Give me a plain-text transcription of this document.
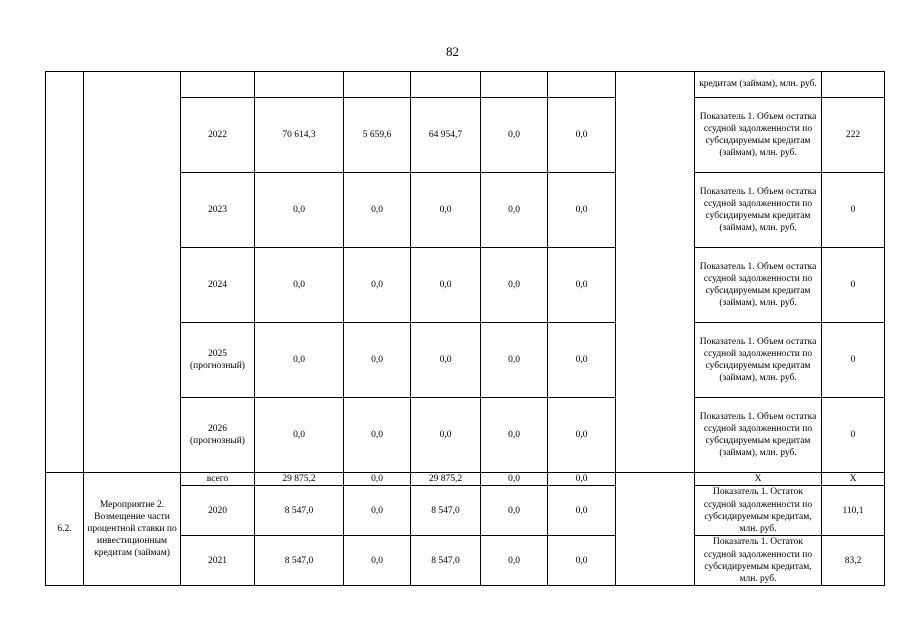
82
									кредитам (займам), млн. руб.	
		2022	70 614,3	5 659,6	64 954,7	0,0	0,0		Показатель 1. Объем остатка ссудной задолженности по субсидируемым кредитам (займам), млн. руб.	222
		2023	0,0	0,0	0,0	0,0	0,0		Показатель 1. Объем остатка ссудной задолженности по субсидируемым кредитам (займам), млн. руб.	0
		2024	0,0	0,0	0,0	0,0	0,0		Показатель 1. Объем остатка ссудной задолженности по субсидируемым кредитам (займам), млн. руб.	0
		2025 (прогнозный)	0,0	0,0	0,0	0,0	0,0		Показатель 1. Объем остатка ссудной задолженности по субсидируемым кредитам (займам), млн. руб.	0
		2026 (прогнозный)	0,0	0,0	0,0	0,0	0,0		Показатель 1. Объем остатка ссудной задолженности по субсидируемым кредитам (займам), млн. руб.	0
6.2.	Мероприятие 2. Возмещение части процентной ставки по инвестиционным кредитам (займам)	всего	29 875,2	0,0	29 875,2	0,0	0,0		X	X
		2020	8 547,0	0,0	8 547,0	0,0	0,0		Показатель 1. Остаток ссудной задолженности по субсидируемым кредитам, млн. руб.	110,1
		2021	8 547,0	0,0	8 547,0	0,0	0,0		Показатель 1. Остаток ссудной задолженности по субсидируемым кредитам, млн. руб.	83,2
